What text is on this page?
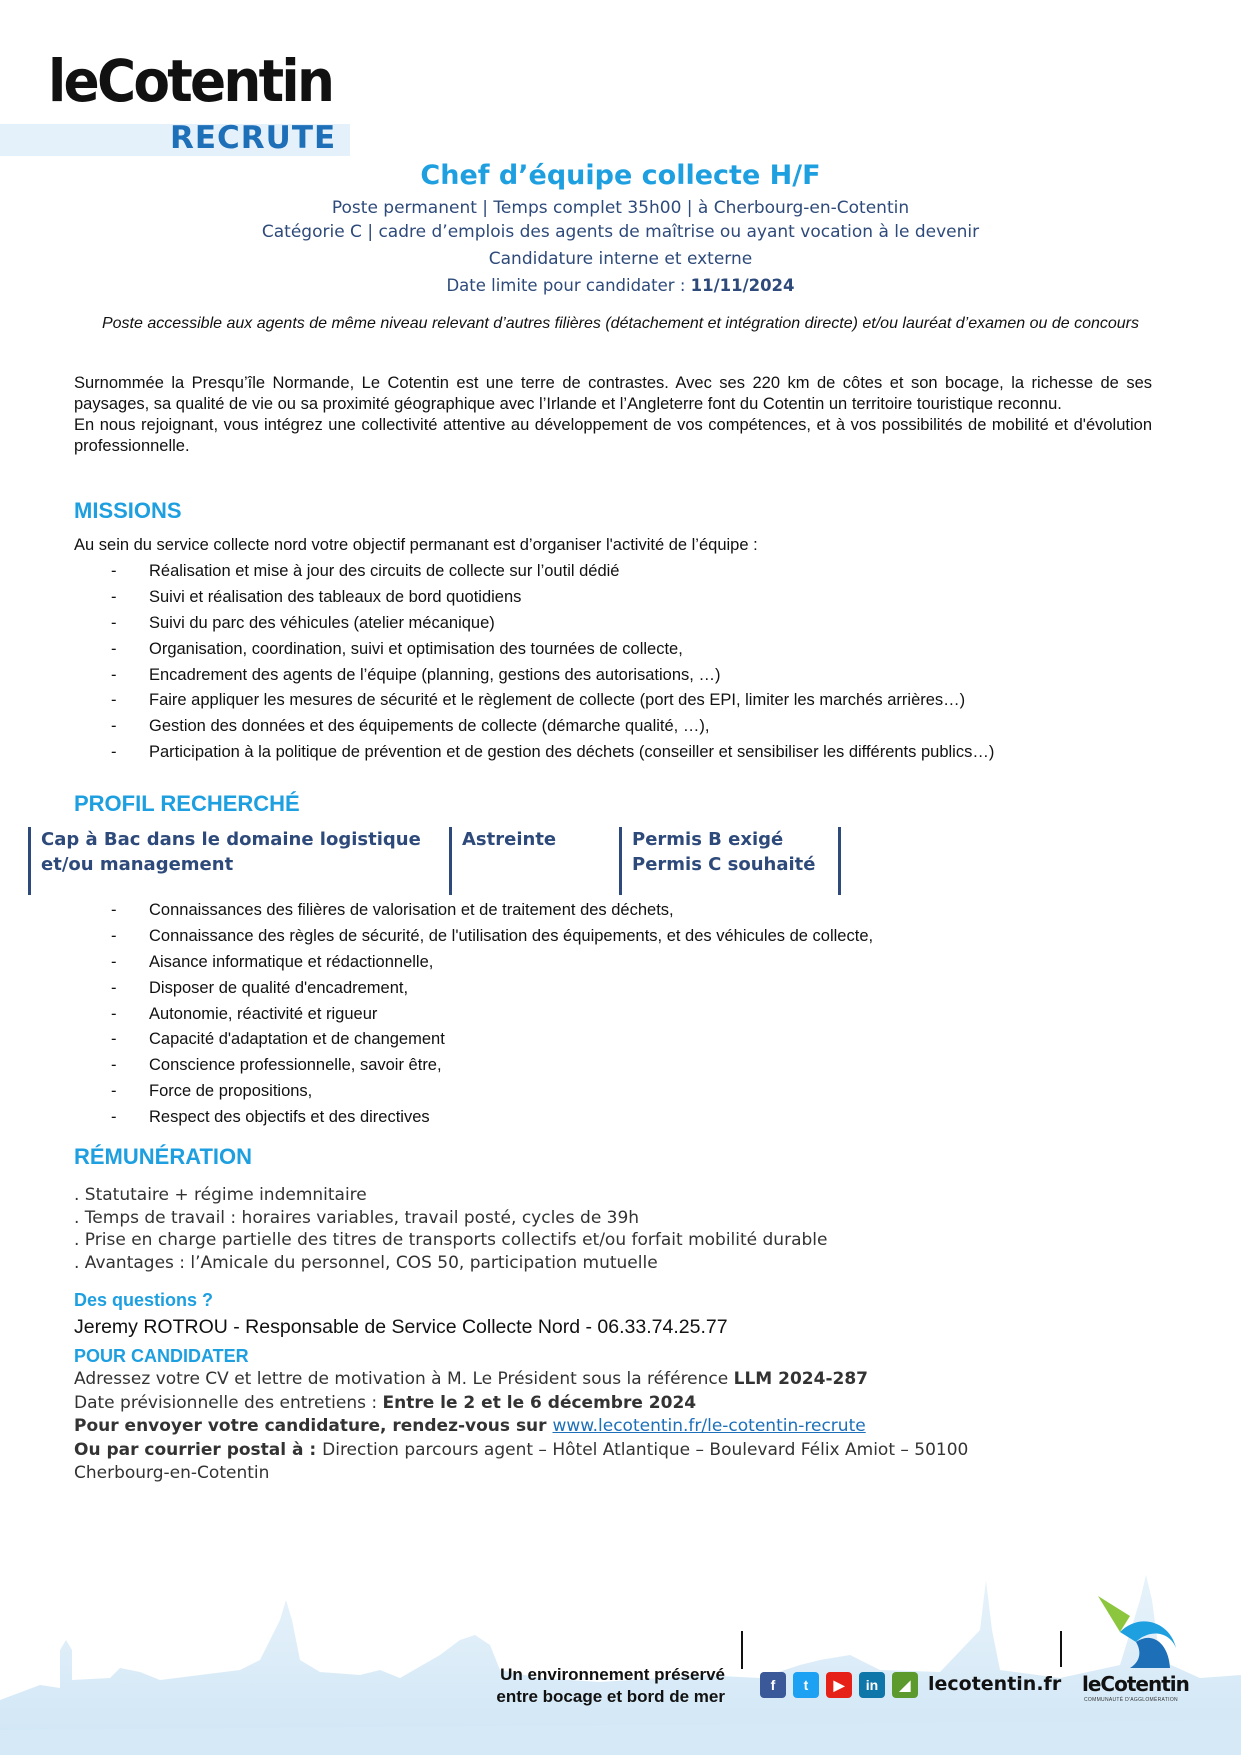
leCotentin
RECRUTE
Chef d’équipe collecte H/F
Poste permanent | Temps complet 35h00 | à Cherbourg-en-Cotentin
Catégorie C | cadre d’emplois des agents de maîtrise ou ayant vocation à le devenir
Candidature interne et externe
Date limite pour candidater : 11/11/2024
Poste accessible aux agents de même niveau relevant d’autres filières (détachement et intégration directe) et/ou lauréat d’examen ou de concours

Surnommée la Presqu’île Normande, Le Cotentin est une terre de contrastes. Avec ses 220 km de côtes et son bocage, la richesse de ses paysages, sa qualité de vie ou sa proximité géographique avec l’Irlande et l’Angleterre font du Cotentin un territoire touristique reconnu.

En nous rejoignant, vous intégrez une collectivité attentive au développement de vos compétences, et à vos possibilités de mobilité et d'évolution professionnelle.

MISSIONS
Au sein du service collecte nord votre objectif permanant est d’organiser l'activité de l’équipe :
- Réalisation et mise à jour des circuits de collecte sur l’outil dédié
- Suivi et réalisation des tableaux de bord quotidiens
- Suivi du parc des véhicules (atelier mécanique)
- Organisation, coordination, suivi et optimisation des tournées de collecte,
- Encadrement des agents de l’équipe (planning, gestions des autorisations, …)
- Faire appliquer les mesures de sécurité et le règlement de collecte (port des EPI, limiter les marchés arrières…)
- Gestion des données et des équipements de collecte (démarche qualité, …),
- Participation à la politique de prévention et de gestion des déchets (conseiller et sensibiliser les différents publics…)
PROFIL RECHERCHÉ
Cap à Bac dans le domaine logistique
et/ou management
Astreinte	Permis B exigé
Permis C souhaité
- Connaissances des filières de valorisation et de traitement des déchets,
- Connaissance des règles de sécurité, de l'utilisation des équipements, et des véhicules de collecte,
- Aisance informatique et rédactionnelle,
- Disposer de qualité d'encadrement,
- Autonomie, réactivité et rigueur
- Capacité d'adaptation et de changement
- Conscience professionnelle, savoir être,
- Force de propositions,
- Respect des objectifs et des directives
RÉMUNÉRATION
. Statutaire + régime indemnitaire
. Temps de travail : horaires variables, travail posté, cycles de 39h
. Prise en charge partielle des titres de transports collectifs et/ou forfait mobilité durable
. Avantages : l’Amicale du personnel, COS 50, participation mutuelle
Des questions ?
Jeremy ROTROU - Responsable de Service Collecte Nord - 06.33.74.25.77
POUR CANDIDATER
Adressez votre CV et lettre de motivation à M. Le Président sous la référence LLM 2024-287
Date prévisionnelle des entretiens : Entre le 2 et le 6 décembre 2024
Pour envoyer votre candidature, rendez-vous sur www.lecotentin.fr/le-cotentin-recrute
Ou par courrier postal à : Direction parcours agent – Hôtel Atlantique – Boulevard Félix Amiot – 50100
Cherbourg-en-Cotentin
Un environnement préservé
entre bocage et bord de mer
f	t	▶	in	◢ lecotentin.fr leCotentin
COMMUNAUTÉ D'AGGLOMÉRATION
